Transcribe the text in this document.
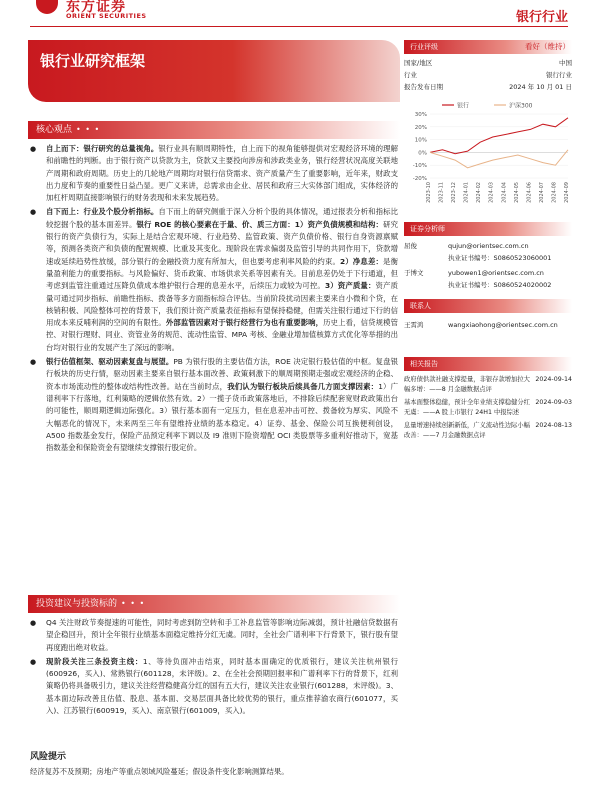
东方证券
ORIENT SECURITIES	银行行业
银行业研究框架
核心观点 • • •
● 自上而下：银行研究的总量视角。银行业具有顺周期特性，自上而下的视角能够提供对宏观经济环境的理解和前瞻性的判断。由于银行资产以贷款为主，贷款又主要投向涉房和涉政类业务，银行经营状况高度关联地产周期和政府周期。历史上的几轮地产周期均对银行信贷需求、资产质量产生了重要影响，近年来，财政支出力度和节奏的重要性日益凸显。更广义来讲，总需求由企业、居民和政府三大实体部门组成，实体经济的加杠杆周期直接影响银行的财务表现和未来发展趋势。
● 自下而上：行业及个股分析指标。自下而上的研究侧重于深入分析个股的具体情况，通过报表分析和指标比较挖掘个股的基本面差异。银行 ROE 的核心要素在于量、价、质三方面：1）资产负债规模和结构：研究银行的资产负债行为，实际上是结合宏观环境、行业趋势、监管政策、资产负债价格、银行自身资源禀赋等，预测各类资产和负债的配置规模、比重及其变化。现阶段在需求偏弱及监管引导的共同作用下，贷款增速或延续趋势性放缓，部分银行的金融投资力度有所加大，但也要考虑利率风险的约束。2）净息差：是衡量盈利能力的重要指标。与风险偏好、货币政策、市场供求关系等因素有关。目前息差仍处于下行通道，但考虑到监管注重通过压降负债成本维护银行合理的息差水平，后续压力或较为可控。3）资产质量：资产质量可通过同步指标、前瞻性指标、拨备等多方面指标综合评估。当前阶段扰动因素主要来自小微和个贷，在核销积极、风险整体可控的背景下，我们预计资产质量表征指标有望保持稳健，但需关注银行通过下行的信用成本来反哺利润的空间的有限性。外部监管因素对于银行经营行为也有重要影响，历史上看，信贷规模管控、对银行理财、同业、资管业务的规范、流动性监管、MPA 考核、金融业增加值核算方式优化等举措的出台均对银行业的发展产生了深远的影响。
● 银行估值框架、驱动因素复盘与展望。PB 为银行股的主要估值方法，ROE 决定银行股估值的中枢。复盘银行板块的历史行情，驱动因素主要来自银行基本面改善、政策刺激下的顺周期预期走强或宏观经济的企稳、资本市场流动性的整体或结构性改善。站在当前时点，我们认为银行板块后续具备几方面支撑因素：1）广谱利率下行落地，红利策略的逻辑依然有效。2）一揽子货币政策落地后，不排除后续配套宽财政政策出台的可能性，顺周期逻辑边际强化。3）银行基本面有一定压力，但在息差冲击可控、拨备较为厚实、风险不大幅恶化的情况下，未来两至三年有望维持业绩的基本稳定。4）证券、基金、保险公司互换便利创设，A500 指数基金发行，保险产品预定利率下调以及 I9 准则下险资增配 OCI 类股票等多重利好推动下，宽基指数基金和保险资金有望继续支撑银行股定价。
投资建议与投资标的 • • •
● Q4 关注财政节奏提速的可能性，同时考虑到防空转和手工补息监管等影响边际减弱，预计社融信贷数据有望企稳回升，预计全年银行业绩基本面稳定维持分红无虞。同时，全社会广谱利率下行背景下，银行股有望再度跑出绝对收益。
● 现阶段关注三条投资主线：1、等待负面冲击结束，同时基本面确定的优质银行，建议关注杭州银行(600926，买入)、常熟银行(601128，未评级)。2、在全社会预期回报率和广谱利率下行的背景下，红利策略仍将具备吸引力，建议关注经营稳健高分红的国有五大行，建议关注农业银行(601288，未评级)。3、基本面边际改善且估值、股息、基本面、交易层面具备比较优势的银行，重点推荐渝农商行(601077，买入)、江苏银行(600919，买入)、南京银行(601009，买入)。
风险提示
经济复苏不及预期；房地产等重点领域风险蔓延；假设条件变化影响测算结果。
行业评级	看好（维持）
国家/地区	中国
行业	银行行业
报告发布日期	2024 年 10 月 01 日
银行	沪深300
30%
20%
10%
0%
-10%
-20%
2023-10 2023-11 2023-12 2024-01 2024-02 2024-03 2024-04 2024-05 2024-06 2024-07 2024-08 2024-09
证券分析师
屈俊	qujun@orientsec.com.cn
执业证书编号：S0860523060001
于博文	yubowen1@orientsec.com.cn
执业证书编号：S0860524020002
联系人
王霄鸿	wangxiaohong@orientsec.com.cn
相关报告
政府债供款社融支撑提量，非银存款增加拉大幅多增：——8 月金融数据点评
2024-09-14
基本面整体稳健，预计全年业绩支撑稳健分红无虞：——A 股上市银行 24H1 中报综述
2024-09-03
息量增速持续创新新低，广义流动性边际小幅改善：——7 月金融数据点评
2024-08-13
